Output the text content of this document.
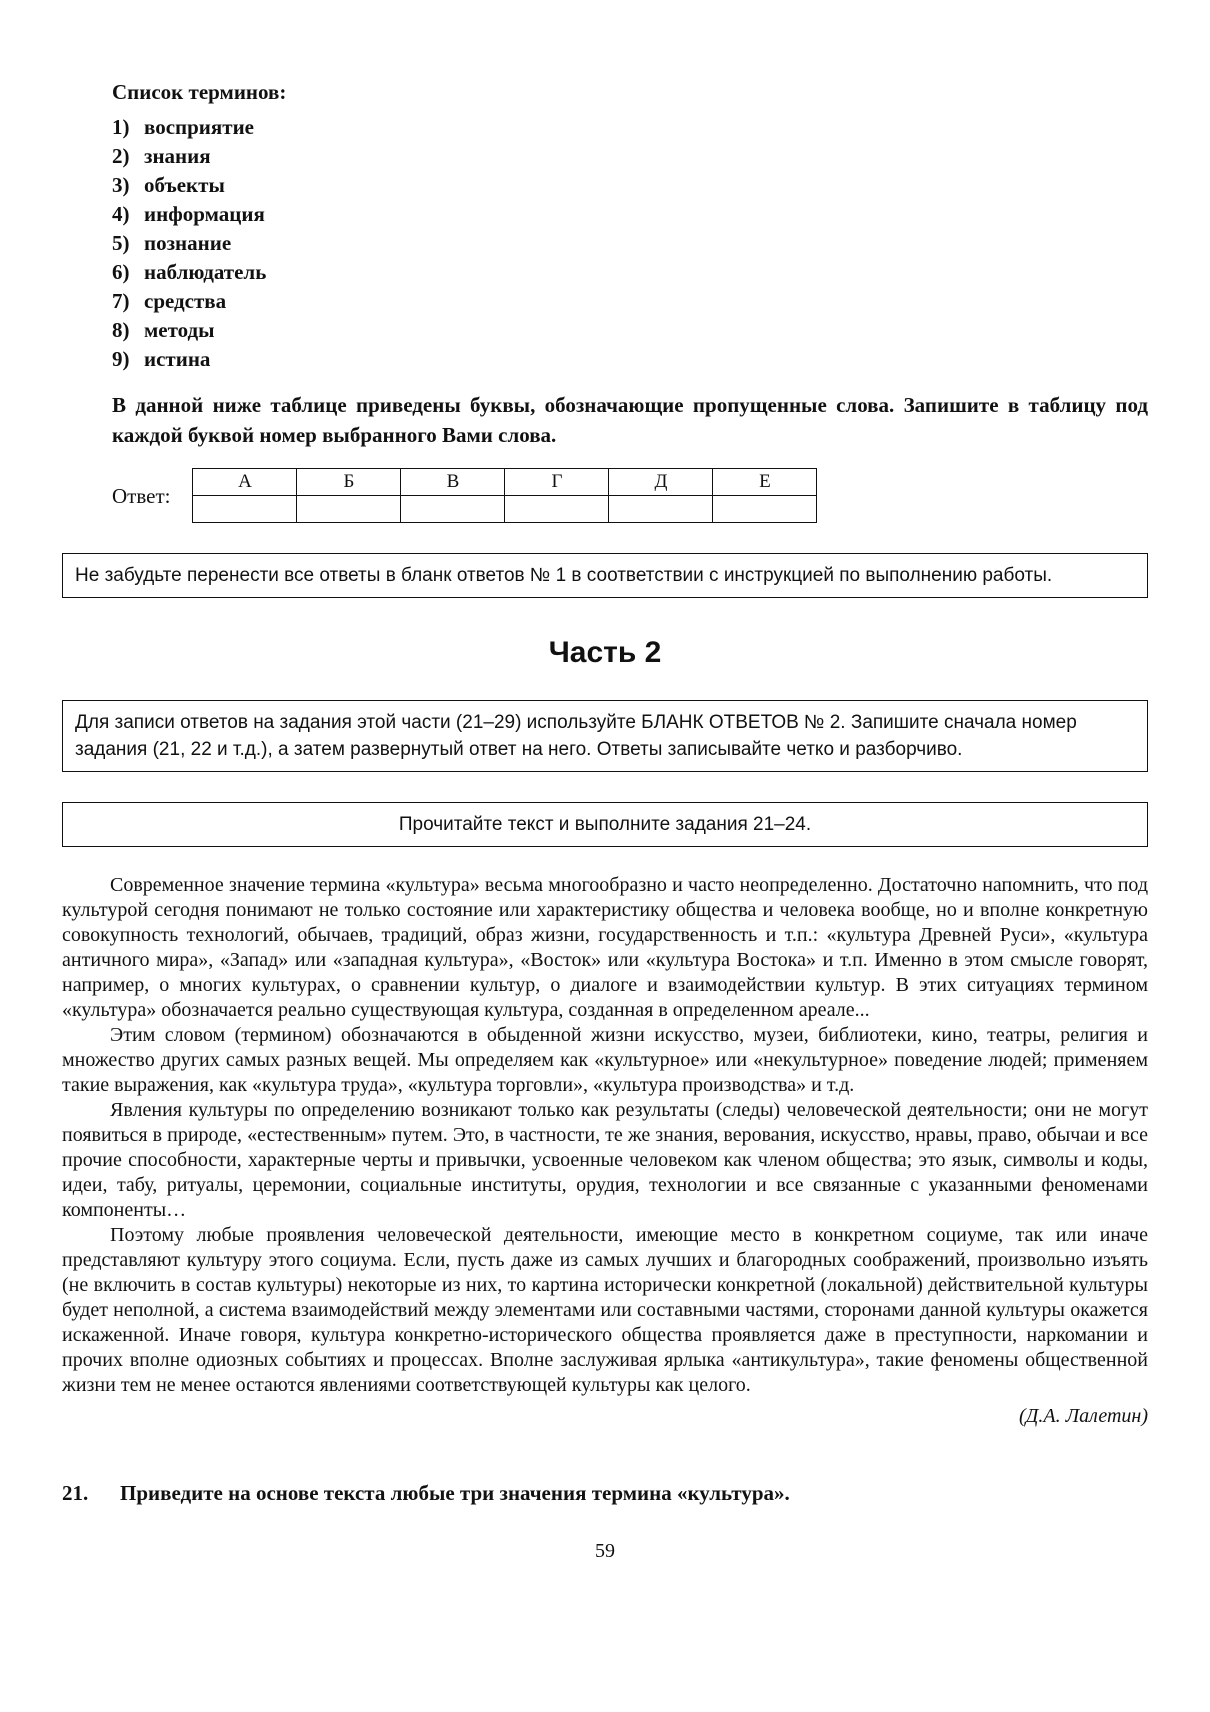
Список терминов:
1) восприятие
2) знания
3) объекты
4) информация
5) познание
6) наблюдатель
7) средства
8) методы
9) истина

В данной ниже таблице приведены буквы, обозначающие пропущенные слова. Запишите в таблицу под каждой буквой номер выбранного Вами слова.

Ответ:
А	Б	В	Г	Д	Е

Не забудьте перенести все ответы в бланк ответов № 1 в соответствии с инструкцией по выполнению работы.
Часть 2
Для записи ответов на задания этой части (21–29) используйте БЛАНК ОТВЕТОВ № 2. Запишите сначала номер задания (21, 22 и т.д.), а затем развернутый ответ на него. Ответы записывайте четко и разборчиво.
Прочитайте текст и выполните задания 21–24.

Современное значение термина «культура» весьма многообразно и часто неопределенно. Достаточно напомнить, что под культурой сегодня понимают не только состояние или характеристику общества и человека вообще, но и вполне конкретную совокупность технологий, обычаев, традиций, образ жизни, государственность и т.п.: «культура Древней Руси», «культура античного мира», «Запад» или «западная культура», «Восток» или «культура Востока» и т.п. Именно в этом смысле говорят, например, о многих культурах, о сравнении культур, о диалоге и взаимодействии культур. В этих ситуациях термином «культура» обозначается реально существующая культура, созданная в определенном ареале...

Этим словом (термином) обозначаются в обыденной жизни искусство, музеи, библиотеки, кино, театры, религия и множество других самых разных вещей. Мы определяем как «культурное» или «некультурное» поведение людей; применяем такие выражения, как «культура труда», «культура торговли», «культура производства» и т.д.

Явления культуры по определению возникают только как результаты (следы) человеческой деятельности; они не могут появиться в природе, «естественным» путем. Это, в частности, те же знания, верования, искусство, нравы, право, обычаи и все прочие способности, характерные черты и привычки, усвоенные человеком как членом общества; это язык, символы и коды, идеи, табу, ритуалы, церемонии, социальные институты, орудия, технологии и все связанные с указанными феноменами компоненты…

Поэтому любые проявления человеческой деятельности, имеющие место в конкретном социуме, так или иначе представляют культуру этого социума. Если, пусть даже из самых лучших и благородных соображений, произвольно изъять (не включить в состав культуры) некоторые из них, то картина исторически конкретной (локальной) действительной культуры будет неполной, а система взаимодействий между элементами или составными частями, сторонами данной культуры окажется искаженной. Иначе говоря, культура конкретно-исторического общества проявляется даже в преступности, наркомании и прочих вполне одиозных событиях и процессах. Вполне заслуживая ярлыка «антикультура», такие феномены общественной жизни тем не менее остаются явлениями соответствующей культуры как целого.

(Д.А. Лалетин)
21.	Приведите на основе текста любые три значения термина «культура».
59
